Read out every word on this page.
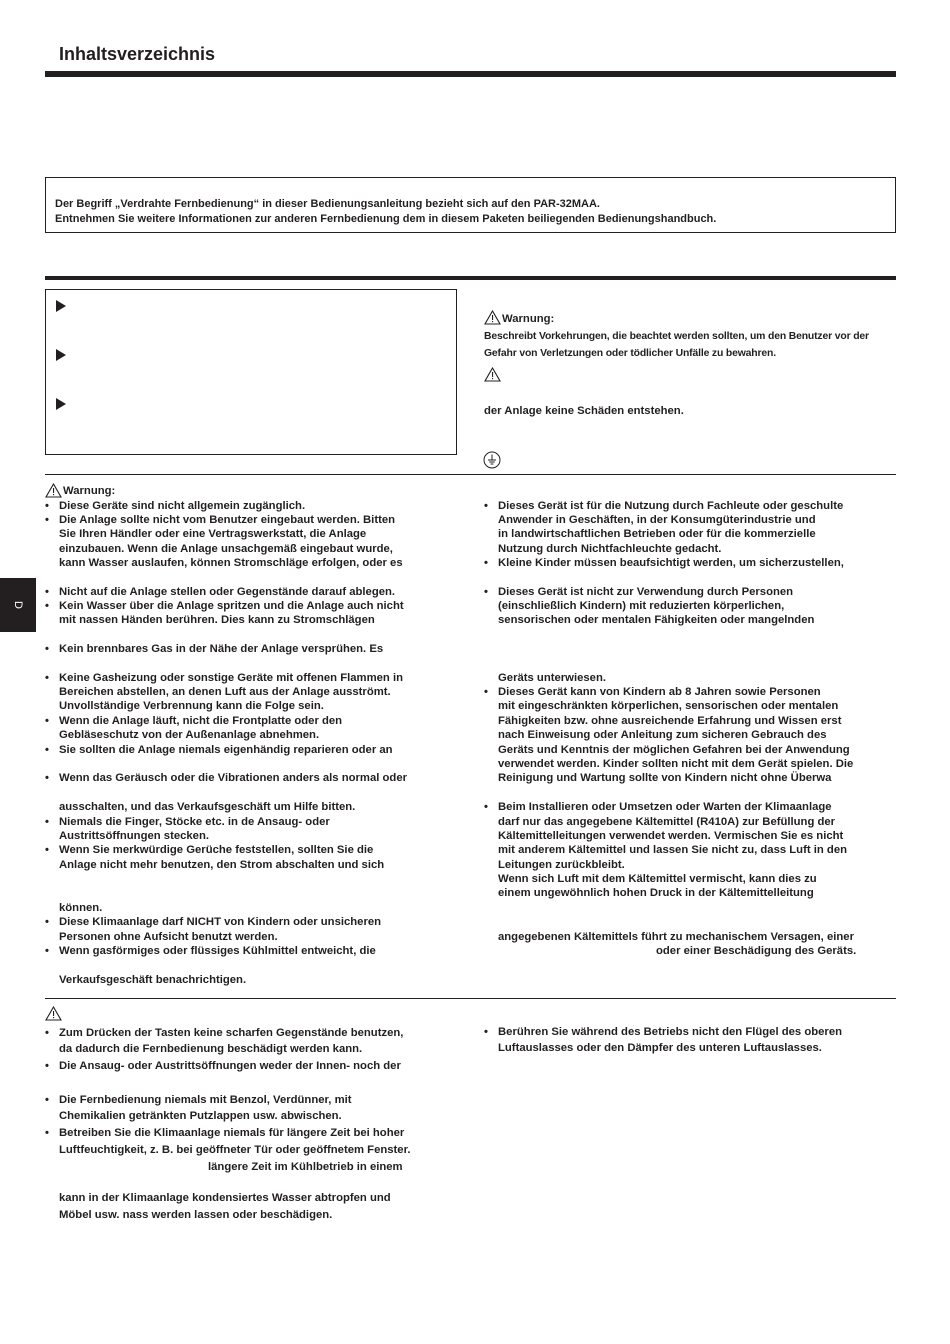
Inhaltsverzeichnis
Der Begriff „Verdrahte Fernbedienung“ in dieser Bedienungsanleitung bezieht sich auf den PAR-32MAA.
Entnehmen Sie weitere Informationen zur anderen Fernbedienung dem in diesem Paketen beiliegenden Bedienungshandbuch.
Warnung:
Beschreibt Vorkehrungen, die beachtet werden sollten, um den Benutzer vor der
Gefahr von Verletzungen oder tödlicher Unfälle zu bewahren.
der Anlage keine Schäden entstehen.
D
Warnung:
• Diese Geräte sind nicht allgemein zugänglich.
• Die Anlage sollte nicht vom Benutzer eingebaut werden. Bitten
Sie Ihren Händler oder eine Vertragswerkstatt, die Anlage
einzubauen. Wenn die Anlage unsachgemäß eingebaut wurde,
kann Wasser auslaufen, können Stromschläge erfolgen, oder es
• Nicht auf die Anlage stellen oder Gegenstände darauf ablegen.
• Kein Wasser über die Anlage spritzen und die Anlage auch nicht
mit nassen Händen berühren. Dies kann zu Stromschlägen
• Kein brennbares Gas in der Nähe der Anlage versprühen. Es
• Keine Gasheizung oder sonstige Geräte mit offenen Flammen in
Bereichen abstellen, an denen Luft aus der Anlage ausströmt.
Unvollständige Verbrennung kann die Folge sein.
• Wenn die Anlage läuft, nicht die Frontplatte oder den
Gebläseschutz von der Außenanlage abnehmen.
• Sie sollten die Anlage niemals eigenhändig reparieren oder an
• Wenn das Geräusch oder die Vibrationen anders als normal oder
ausschalten, und das Verkaufsgeschäft um Hilfe bitten.
• Niemals die Finger, Stöcke etc. in de Ansaug- oder
Austrittsöffnungen stecken.
• Wenn Sie merkwürdige Gerüche feststellen, sollten Sie die
Anlage nicht mehr benutzen, den Strom abschalten und sich
können.
• Diese Klimaanlage darf NICHT von Kindern oder unsicheren
Personen ohne Aufsicht benutzt werden.
• Wenn gasförmiges oder flüssiges Kühlmittel entweicht, die
Verkaufsgeschäft benachrichtigen.
• Dieses Gerät ist für die Nutzung durch Fachleute oder geschulte
Anwender in Geschäften, in der Konsumgüterindustrie und
in landwirtschaftlichen Betrieben oder für die kommerzielle
Nutzung durch Nichtfachleuchte gedacht.
• Kleine Kinder müssen beaufsichtigt werden, um sicherzustellen,
• Dieses Gerät ist nicht zur Verwendung durch Personen
(einschließlich Kindern) mit reduzierten körperlichen,
sensorischen oder mentalen Fähigkeiten oder mangelnden
Geräts unterwiesen.
• Dieses Gerät kann von Kindern ab 8 Jahren sowie Personen
mit eingeschränkten körperlichen, sensorischen oder mentalen
Fähigkeiten bzw. ohne ausreichende Erfahrung und Wissen erst
nach Einweisung oder Anleitung zum sicheren Gebrauch des
Geräts und Kenntnis der möglichen Gefahren bei der Anwendung
verwendet werden. Kinder sollten nicht mit dem Gerät spielen. Die
Reinigung und Wartung sollte von Kindern nicht ohne Überwa
• Beim Installieren oder Umsetzen oder Warten der Klimaanlage
darf nur das angegebene Kältemittel (R410A) zur Befüllung der
Kältemittelleitungen verwendet werden. Vermischen Sie es nicht
mit anderem Kältemittel und lassen Sie nicht zu, dass Luft in den
Leitungen zurückbleibt.
Wenn sich Luft mit dem Kältemittel vermischt, kann dies zu
einem ungewöhnlich hohen Druck in der Kältemittelleitung
angegebenen Kältemittels führt zu mechanischem Versagen, einer
oder einer Beschädigung des Geräts.
• Zum Drücken der Tasten keine scharfen Gegenstände benutzen,
da dadurch die Fernbedienung beschädigt werden kann.
• Die Ansaug- oder Austrittsöffnungen weder der Innen- noch der
• Die Fernbedienung niemals mit Benzol, Verdünner, mit
Chemikalien getränkten Putzlappen usw. abwischen.
• Betreiben Sie die Klimaanlage niemals für längere Zeit bei hoher
Luftfeuchtigkeit, z. B. bei geöffneter Tür oder geöffnetem Fenster.
längere Zeit im Kühlbetrieb in einem
kann in der Klimaanlage kondensiertes Wasser abtropfen und
Möbel usw. nass werden lassen oder beschädigen.
• Berühren Sie während des Betriebs nicht den Flügel des oberen
Luftauslasses oder den Dämpfer des unteren Luftauslasses.
